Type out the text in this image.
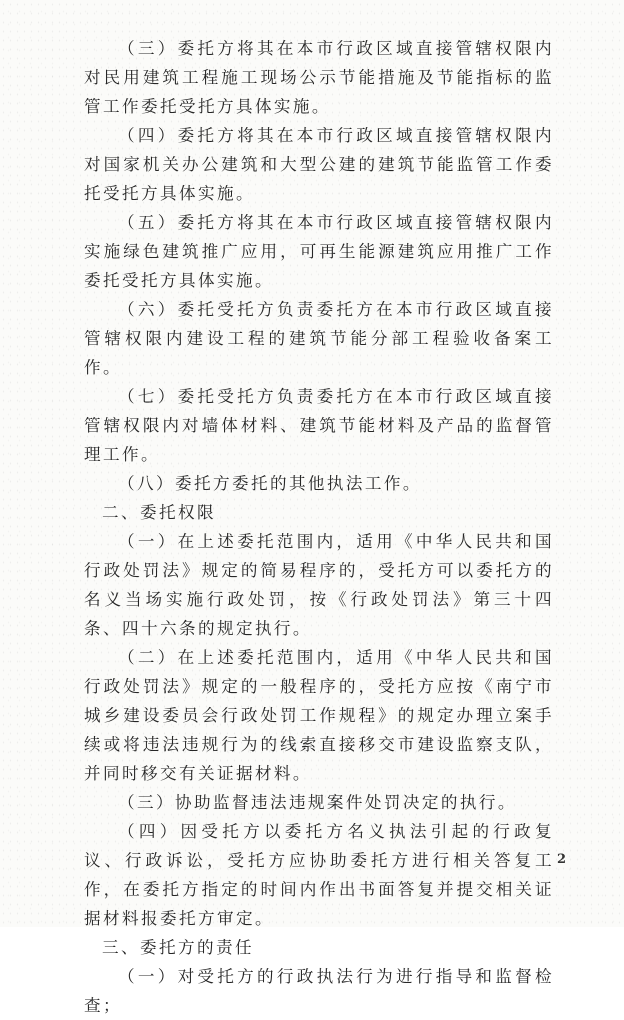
（三）委托方将其在本市行政区域直接管辖权限内对民用建筑工程施工现场公示节能措施及节能指标的监管工作委托受托方具体实施。

（四）委托方将其在本市行政区域直接管辖权限内对国家机关办公建筑和大型公建的建筑节能监管工作委托受托方具体实施。

（五）委托方将其在本市行政区域直接管辖权限内实施绿色建筑推广应用，可再生能源建筑应用推广工作委托受托方具体实施。

（六）委托受托方负责委托方在本市行政区域直接管辖权限内建设工程的建筑节能分部工程验收备案工作。

（七）委托受托方负责委托方在本市行政区域直接管辖权限内对墙体材料、建筑节能材料及产品的监督管理工作。

（八）委托方委托的其他执法工作。

二、委托权限

（一）在上述委托范围内，适用《中华人民共和国行政处罚法》规定的简易程序的，受托方可以委托方的名义当场实施行政处罚，按《行政处罚法》第三十四条、四十六条的规定执行。

（二）在上述委托范围内，适用《中华人民共和国行政处罚法》规定的一般程序的，受托方应按《南宁市城乡建设委员会行政处罚工作规程》的规定办理立案手续或将违法违规行为的线索直接移交市建设监察支队，并同时移交有关证据材料。

（三）协助监督违法违规案件处罚决定的执行。

（四）因受托方以委托方名义执法引起的行政复议、行政诉讼，受托方应协助委托方进行相关答复工作，在委托方指定的时间内作出书面答复并提交相关证据材料报委托方审定。

三、委托方的责任

（一）对受托方的行政执法行为进行指导和监督检查；

2
